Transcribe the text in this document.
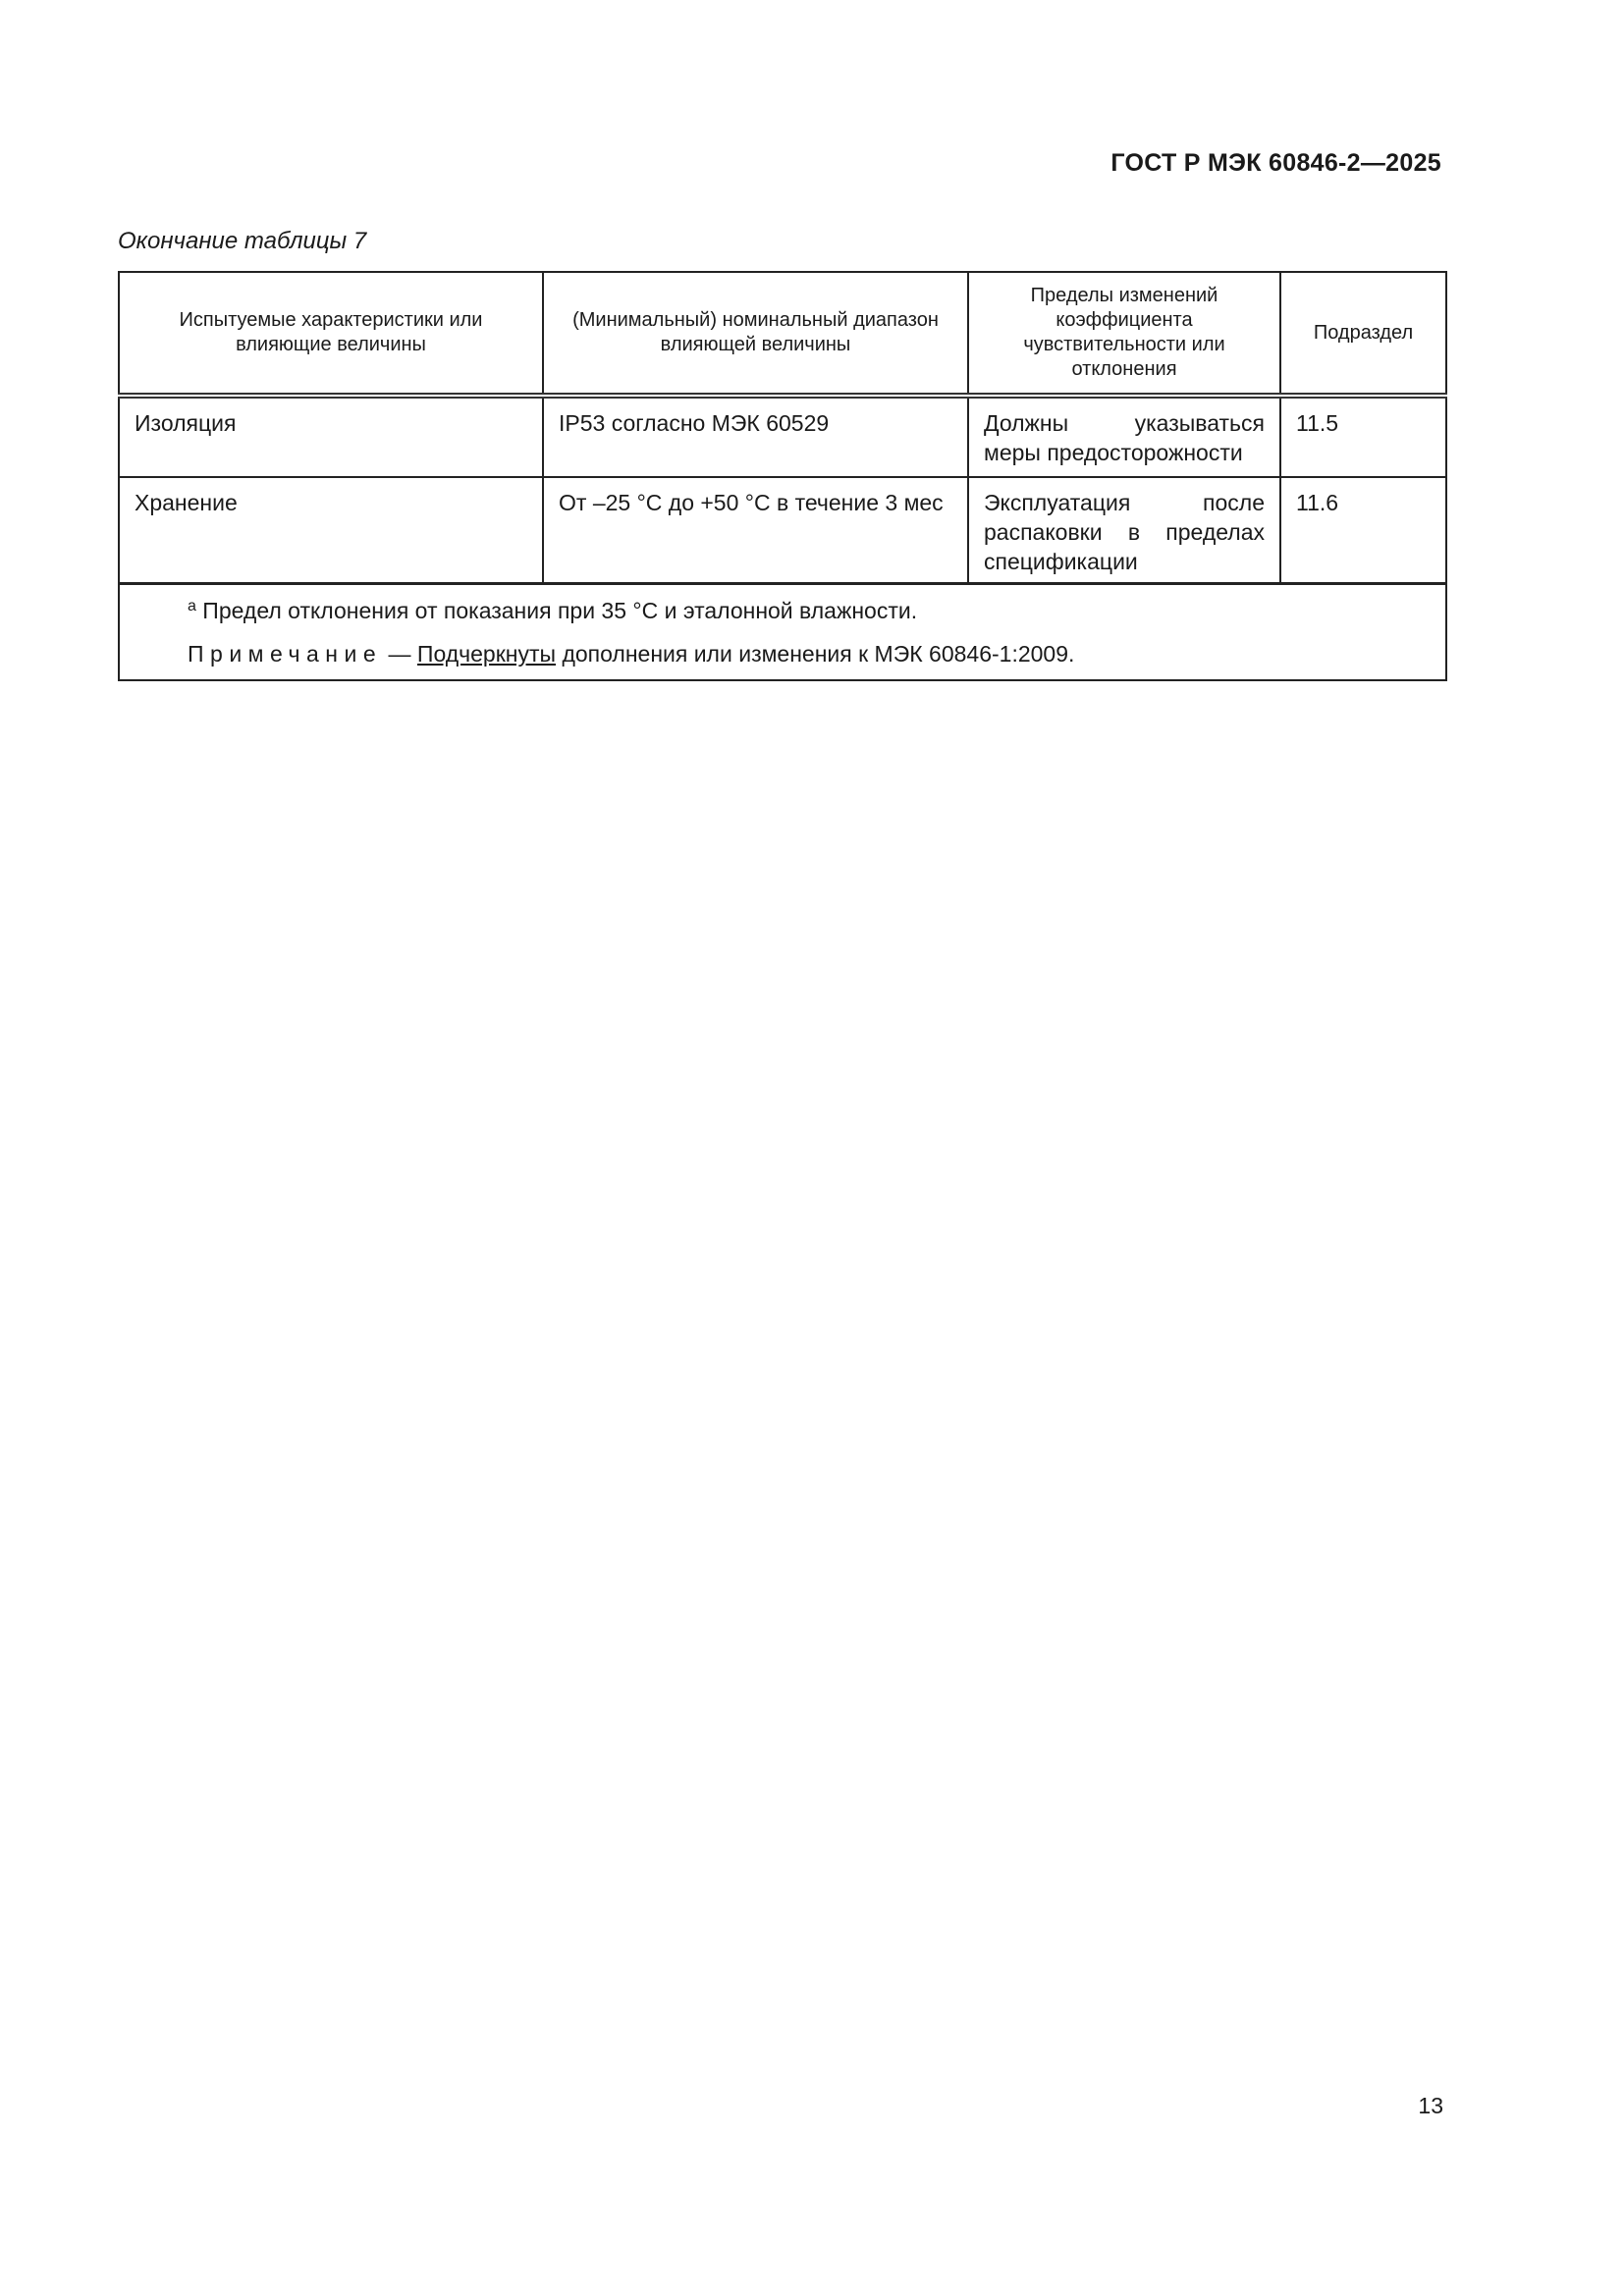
ГОСТ Р МЭК 60846-2—2025
Окончание таблицы 7
Испытуемые характеристики или влияющие величины	(Минимальный) номинальный диапазон влияющей величины	Пределы изменений коэффициента чувствительности или отклонения	Подраздел
Изоляция	IP53 согласно МЭК 60529	Должны указываться меры предосторожности	11.5
Хранение	От –25 °C до +50 °C в течение 3 мес	Эксплуатация после распаковки в пределах спецификации	11.6

$^a$ Предел отклонения от показания при 35 °C и эталонной влажности.
Примечание — Подчеркнуты дополнения или изменения к МЭК 60846-1:2009.			
13
